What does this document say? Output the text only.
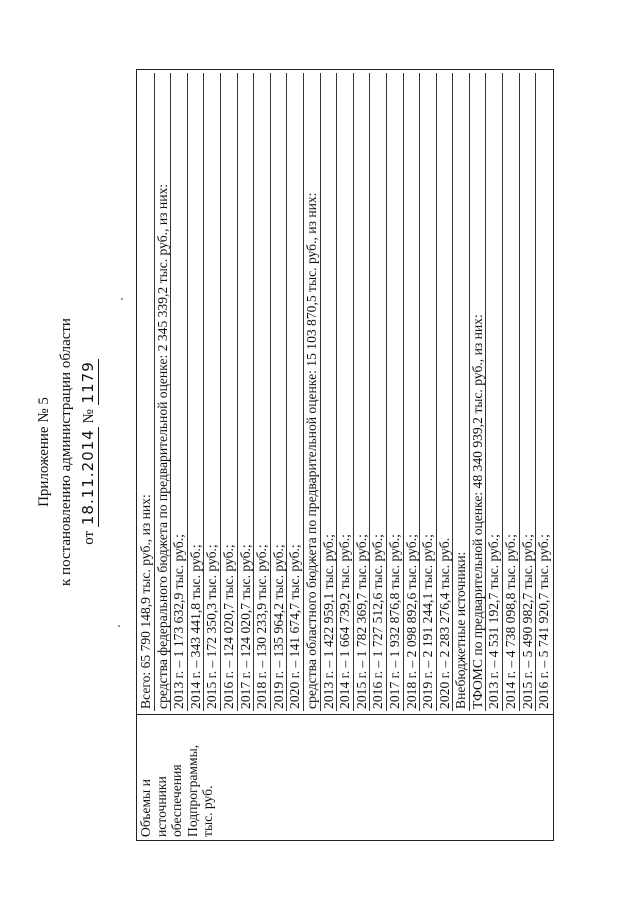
Приложение № 5 к постановлению администрации области от 18.11.2014 № 1179
Объемы и источники обеспечения Подпрограммы, тыс. руб.

Всего: 65 790 148,9 тыс. руб., из них: средства федерального бюджета по предварительной оценке: 2 345 339,2 тыс. руб., из них: 2013 г. – 1 173 632,9 тыс. руб.; 2014 г. – 343 441,8 тыс. руб.; 2015 г. – 172 350,3 тыс. руб.; 2016 г. – 124 020,7 тыс. руб.; 2017 г. – 124 020,7 тыс. руб.; 2018 г. – 130 233,9 тыс. руб.; 2019 г. – 135 964,2 тыс. руб.; 2020 г. – 141 674,7 тыс. руб.; средства областного бюджета по предварительной оценке: 15 103 870,5 тыс. руб., из них: 2013 г. – 1 422 959,1 тыс. руб.; 2014 г. – 1 664 739,2 тыс. руб.; 2015 г. – 1 782 369,7 тыс. руб.; 2016 г. – 1 727 512,6 тыс. руб.; 2017 г. – 1 932 876,8 тыс. руб.; 2018 г. – 2 098 892,6 тыс. руб.; 2019 г. – 2 191 244,1 тыс. руб.; 2020 г. – 2 283 276,4 тыс. руб. Внебюджетные источники: ТФОМС по предварительной оценке: 48 340 939,2 тыс. руб., из них: 2013 г. – 4 531 192,7 тыс. руб.; 2014 г. – 4 738 098,8 тыс. руб.; 2015 г. – 5 490 982,7 тыс. руб.; 2016 г. – 5 741 920,7 тыс. руб.;
